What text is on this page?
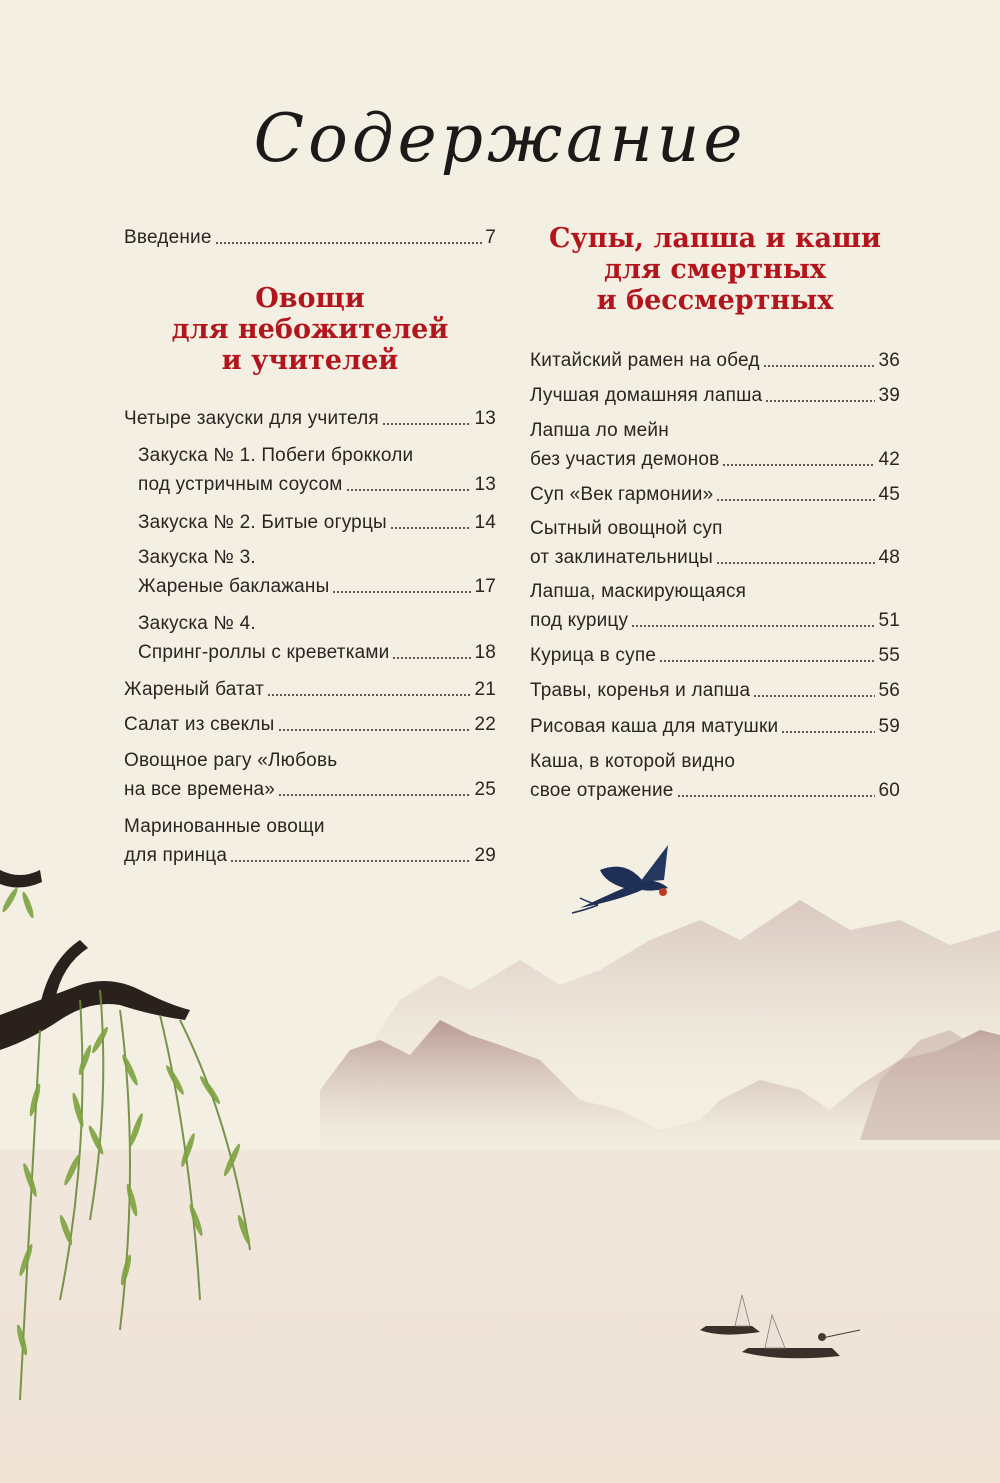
Содержание
Введение	7
Овощи
для небожителей
и учителей
Четыре закуски для учителя	13
Закуска № 1. Побеги брокколи
под устричным соусом	13
Закуска № 2. Битые огурцы	14
Закуска № 3.
Жареные баклажаны	17
Закуска № 4.
Спринг-роллы с креветками	18
Жареный батат	21
Салат из свеклы	22
Овощное рагу «Любовь
на все времена»	25
Маринованные овощи
для принца	29
Супы, лапша и каши
для смертных
и бессмертных
Китайский рамен на обед	36
Лучшая домашняя лапша	39
Лапша ло мейн
без участия демонов	42
Суп «Век гармонии»	45
Сытный овощной суп
от заклинательницы	48
Лапша, маскирующаяся
под курицу	51
Курица в супе	55
Травы, коренья и лапша	56
Рисовая каша для матушки	59
Каша, в которой видно
свое отражение	60
